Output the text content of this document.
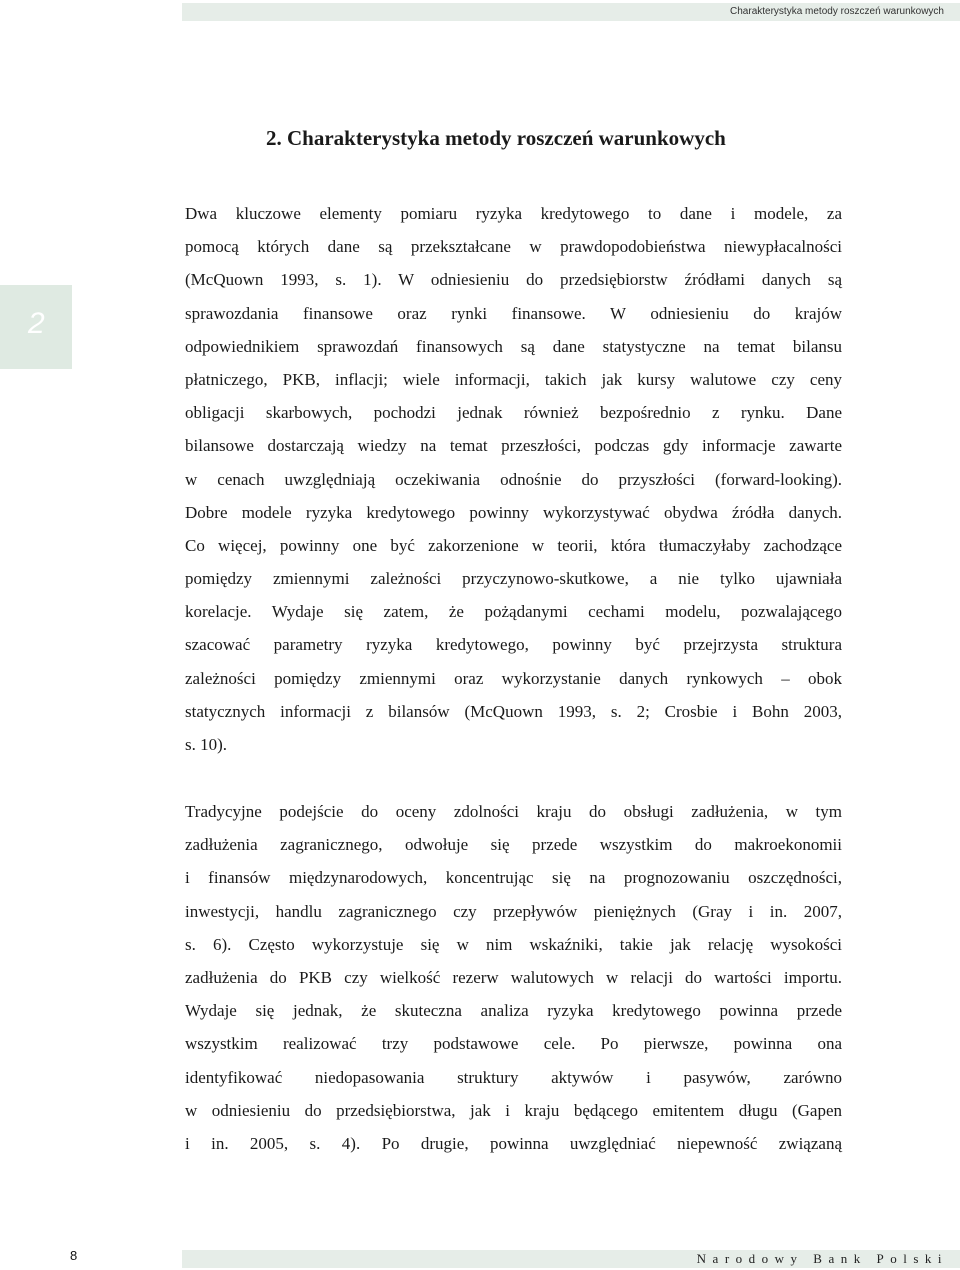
Charakterystyka metody roszczeń warunkowych
2
2. Charakterystyka metody roszczeń warunkowych
Dwa kluczowe elementy pomiaru ryzyka kredytowego to dane i modele, za
pomocą których dane są przekształcane w prawdopodobieństwa niewypłacalności
(McQuown 1993, s. 1). W odniesieniu do przedsiębiorstw źródłami danych są
sprawozdania finansowe oraz rynki finansowe. W odniesieniu do krajów
odpowiednikiem sprawozdań finansowych są dane statystyczne na temat bilansu
płatniczego, PKB, inflacji; wiele informacji, takich jak kursy walutowe czy ceny
obligacji skarbowych, pochodzi jednak również bezpośrednio z rynku. Dane
bilansowe dostarczają wiedzy na temat przeszłości, podczas gdy informacje zawarte
w cenach uwzględniają oczekiwania odnośnie do przyszłości (forward-looking).
Dobre modele ryzyka kredytowego powinny wykorzystywać obydwa źródła danych.
Co więcej, powinny one być zakorzenione w teorii, która tłumaczyłaby zachodzące
pomiędzy zmiennymi zależności przyczynowo-skutkowe, a nie tylko ujawniała
korelacje. Wydaje się zatem, że pożądanymi cechami modelu, pozwalającego
szacować parametry ryzyka kredytowego, powinny być przejrzysta struktura
zależności pomiędzy zmiennymi oraz wykorzystanie danych rynkowych – obok
statycznych informacji z bilansów (McQuown 1993, s. 2; Crosbie i Bohn 2003,
s. 10).
Tradycyjne podejście do oceny zdolności kraju do obsługi zadłużenia, w tym
zadłużenia zagranicznego, odwołuje się przede wszystkim do makroekonomii
i finansów międzynarodowych, koncentrując się na prognozowaniu oszczędności,
inwestycji, handlu zagranicznego czy przepływów pieniężnych (Gray i in. 2007,
s. 6). Często wykorzystuje się w nim wskaźniki, takie jak relację wysokości
zadłużenia do PKB czy wielkość rezerw walutowych w relacji do wartości importu.
Wydaje się jednak, że skuteczna analiza ryzyka kredytowego powinna przede
wszystkim realizować trzy podstawowe cele. Po pierwsze, powinna ona
identyfikować niedopasowania struktury aktywów i pasywów, zarówno
w odniesieniu do przedsiębiorstwa, jak i kraju będącego emitentem długu (Gapen
i in. 2005, s. 4). Po drugie, powinna uwzględniać niepewność związaną
8	Narodowy Bank Polski
